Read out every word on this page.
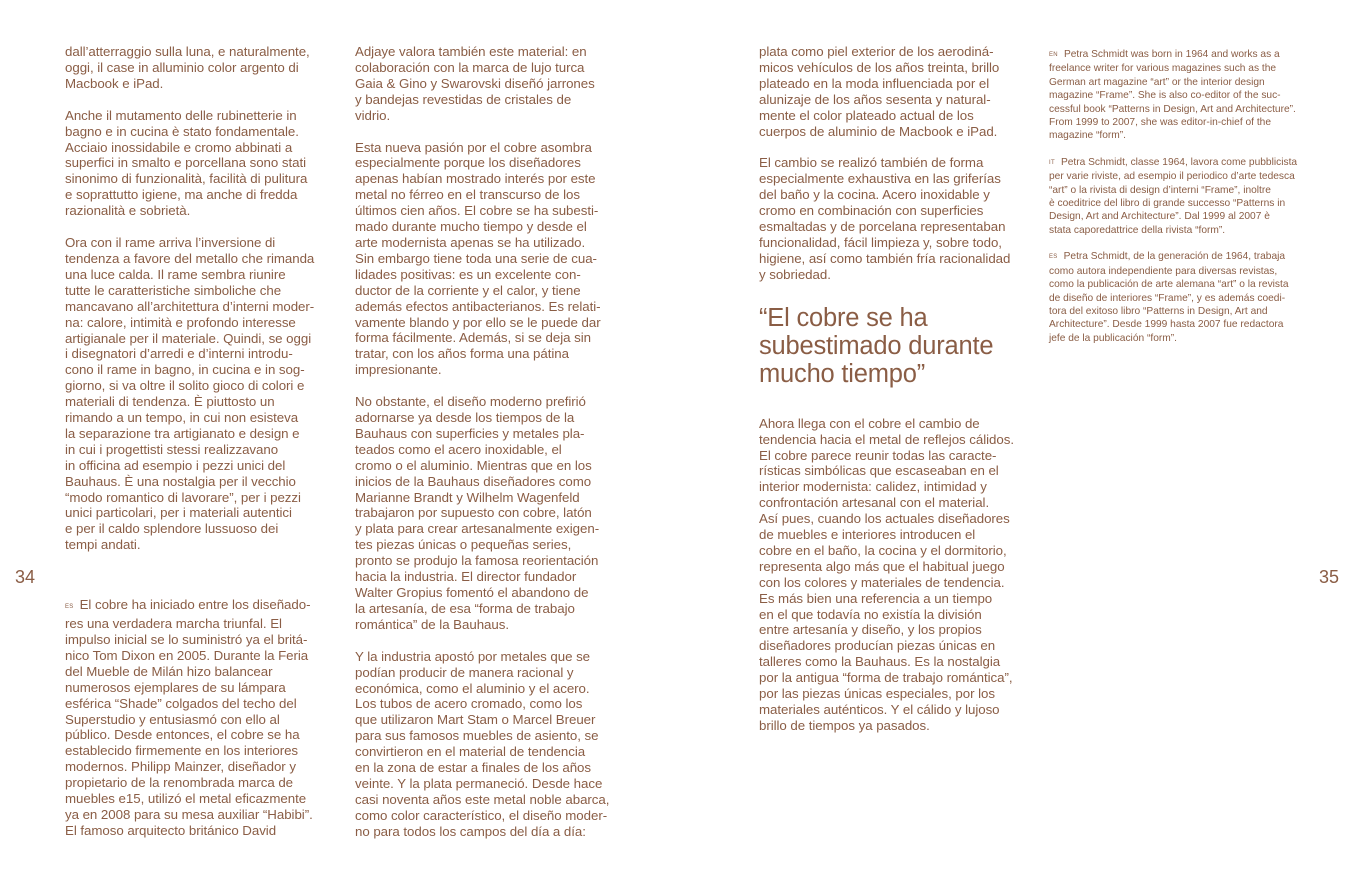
34	35

dall’atterraggio sulla luna, e naturalmente,
oggi, il case in alluminio color argento di
Macbook e iPad.

Anche il mutamento delle rubinetterie in
bagno e in cucina è stato fondamentale.
Acciaio inossidabile e cromo abbinati a
superfici in smalto e porcellana sono stati
sinonimo di funzionalità, facilità di pulitura
e soprattutto igiene, ma anche di fredda
razionalità e sobrietà.

Ora con il rame arriva l’inversione di
tendenza a favore del metallo che rimanda
una luce calda. Il rame sembra riunire
tutte le caratteristiche simboliche che
mancavano all’architettura d’interni moder-
na: calore, intimità e profondo interesse
artigianale per il materiale. Quindi, se oggi
i disegnatori d’arredi e d’interni introdu-
cono il rame in bagno, in cucina e in sog-
giorno, si va oltre il solito gioco di colori e
materiali di tendenza. È piuttosto un
rimando a un tempo, in cui non esisteva
la separazione tra artigianato e design e
in cui i progettisti stessi realizzavano
in officina ad esempio i pezzi unici del
Bauhaus. È una nostalgia per il vecchio
“modo romantico di lavorare”, per i pezzi
unici particolari, per i materiali autentici
e per il caldo splendore lussuoso dei
tempi andati.

ES El cobre ha iniciado entre los diseñado-
res una verdadera marcha triunfal. El
impulso inicial se lo suministró ya el britá-
nico Tom Dixon en 2005. Durante la Feria
del Mueble de Milán hizo balancear
numerosos ejemplares de su lámpara
esférica “Shade” colgados del techo del
Superstudio y entusiasmó con ello al
público. Desde entonces, el cobre se ha
establecido firmemente en los interiores
modernos. Philipp Mainzer, diseñador y
propietario de la renombrada marca de
muebles e15, utilizó el metal eficazmente
ya en 2008 para su mesa auxiliar “Habibi”.
El famoso arquitecto británico David

Adjaye valora también este material: en
colaboración con la marca de lujo turca
Gaia & Gino y Swarovski diseñó jarrones
y bandejas revestidas de cristales de
vidrio.

Esta nueva pasión por el cobre asombra
especialmente porque los diseñadores
apenas habían mostrado interés por este
metal no férreo en el transcurso de los
últimos cien años. El cobre se ha subesti-
mado durante mucho tiempo y desde el
arte modernista apenas se ha utilizado.
Sin embargo tiene toda una serie de cua-
lidades positivas: es un excelente con-
ductor de la corriente y el calor, y tiene
además efectos antibacterianos. Es relati-
vamente blando y por ello se le puede dar
forma fácilmente. Además, si se deja sin
tratar, con los años forma una pátina
impresionante.

No obstante, el diseño moderno prefirió
adornarse ya desde los tiempos de la
Bauhaus con superficies y metales pla-
teados como el acero inoxidable, el
cromo o el aluminio. Mientras que en los
inicios de la Bauhaus diseñadores como
Marianne Brandt y Wilhelm Wagenfeld
trabajaron por supuesto con cobre, latón
y plata para crear artesanalmente exigen-
tes piezas únicas o pequeñas series,
pronto se produjo la famosa reorientación
hacia la industria. El director fundador
Walter Gropius fomentó el abandono de
la artesanía, de esa “forma de trabajo
romántica” de la Bauhaus.

Y la industria apostó por metales que se
podían producir de manera racional y
económica, como el aluminio y el acero.
Los tubos de acero cromado, como los
que utilizaron Mart Stam o Marcel Breuer
para sus famosos muebles de asiento, se
convirtieron en el material de tendencia
en la zona de estar a finales de los años
veinte. Y la plata permaneció. Desde hace
casi noventa años este metal noble abarca,
como color característico, el diseño moder-
no para todos los campos del día a día:

plata como piel exterior de los aerodiná-
micos vehículos de los años treinta, brillo
plateado en la moda influenciada por el
alunizaje de los años sesenta y natural-
mente el color plateado actual de los
cuerpos de aluminio de Macbook e iPad.

El cambio se realizó también de forma
especialmente exhaustiva en las griferías
del baño y la cocina. Acero inoxidable y
cromo en combinación con superficies
esmaltadas y de porcelana representaban
funcionalidad, fácil limpieza y, sobre todo,
higiene, así como también fría racionalidad
y sobriedad.

“El cobre se ha
subestimado durante
mucho tiempo”

Ahora llega con el cobre el cambio de
tendencia hacia el metal de reflejos cálidos.
El cobre parece reunir todas las caracte-
rísticas simbólicas que escaseaban en el
interior modernista: calidez, intimidad y
confrontación artesanal con el material.
Así pues, cuando los actuales diseñadores
de muebles e interiores introducen el
cobre en el baño, la cocina y el dormitorio,
representa algo más que el habitual juego
con los colores y materiales de tendencia.
Es más bien una referencia a un tiempo
en el que todavía no existía la división
entre artesanía y diseño, y los propios
diseñadores producían piezas únicas en
talleres como la Bauhaus. Es la nostalgia
por la antigua “forma de trabajo romántica”,
por las piezas únicas especiales, por los
materiales auténticos. Y el cálido y lujoso
brillo de tiempos ya pasados.

EN Petra Schmidt was born in 1964 and works as a
freelance writer for various magazines such as the
German art magazine “art” or the interior design
magazine “Frame”. She is also co-editor of the suc-
cessful book “Patterns in Design, Art and Architecture”.
From 1999 to 2007, she was editor-in-chief of the
magazine “form”.

IT Petra Schmidt, classe 1964, lavora come pubblicista
per varie riviste, ad esempio il periodico d’arte tedesca
“art” o la rivista di design d’interni “Frame”, inoltre
è coeditrice del libro di grande successo “Patterns in
Design, Art and Architecture”. Dal 1999 al 2007 è
stata caporedattrice della rivista “form”.

ES Petra Schmidt, de la generación de 1964, trabaja
como autora independiente para diversas revistas,
como la publicación de arte alemana “art” o la revista
de diseño de interiores “Frame”, y es además coedi-
tora del exitoso libro “Patterns in Design, Art and
Architecture”. Desde 1999 hasta 2007 fue redactora
jefe de la publicación “form”.
